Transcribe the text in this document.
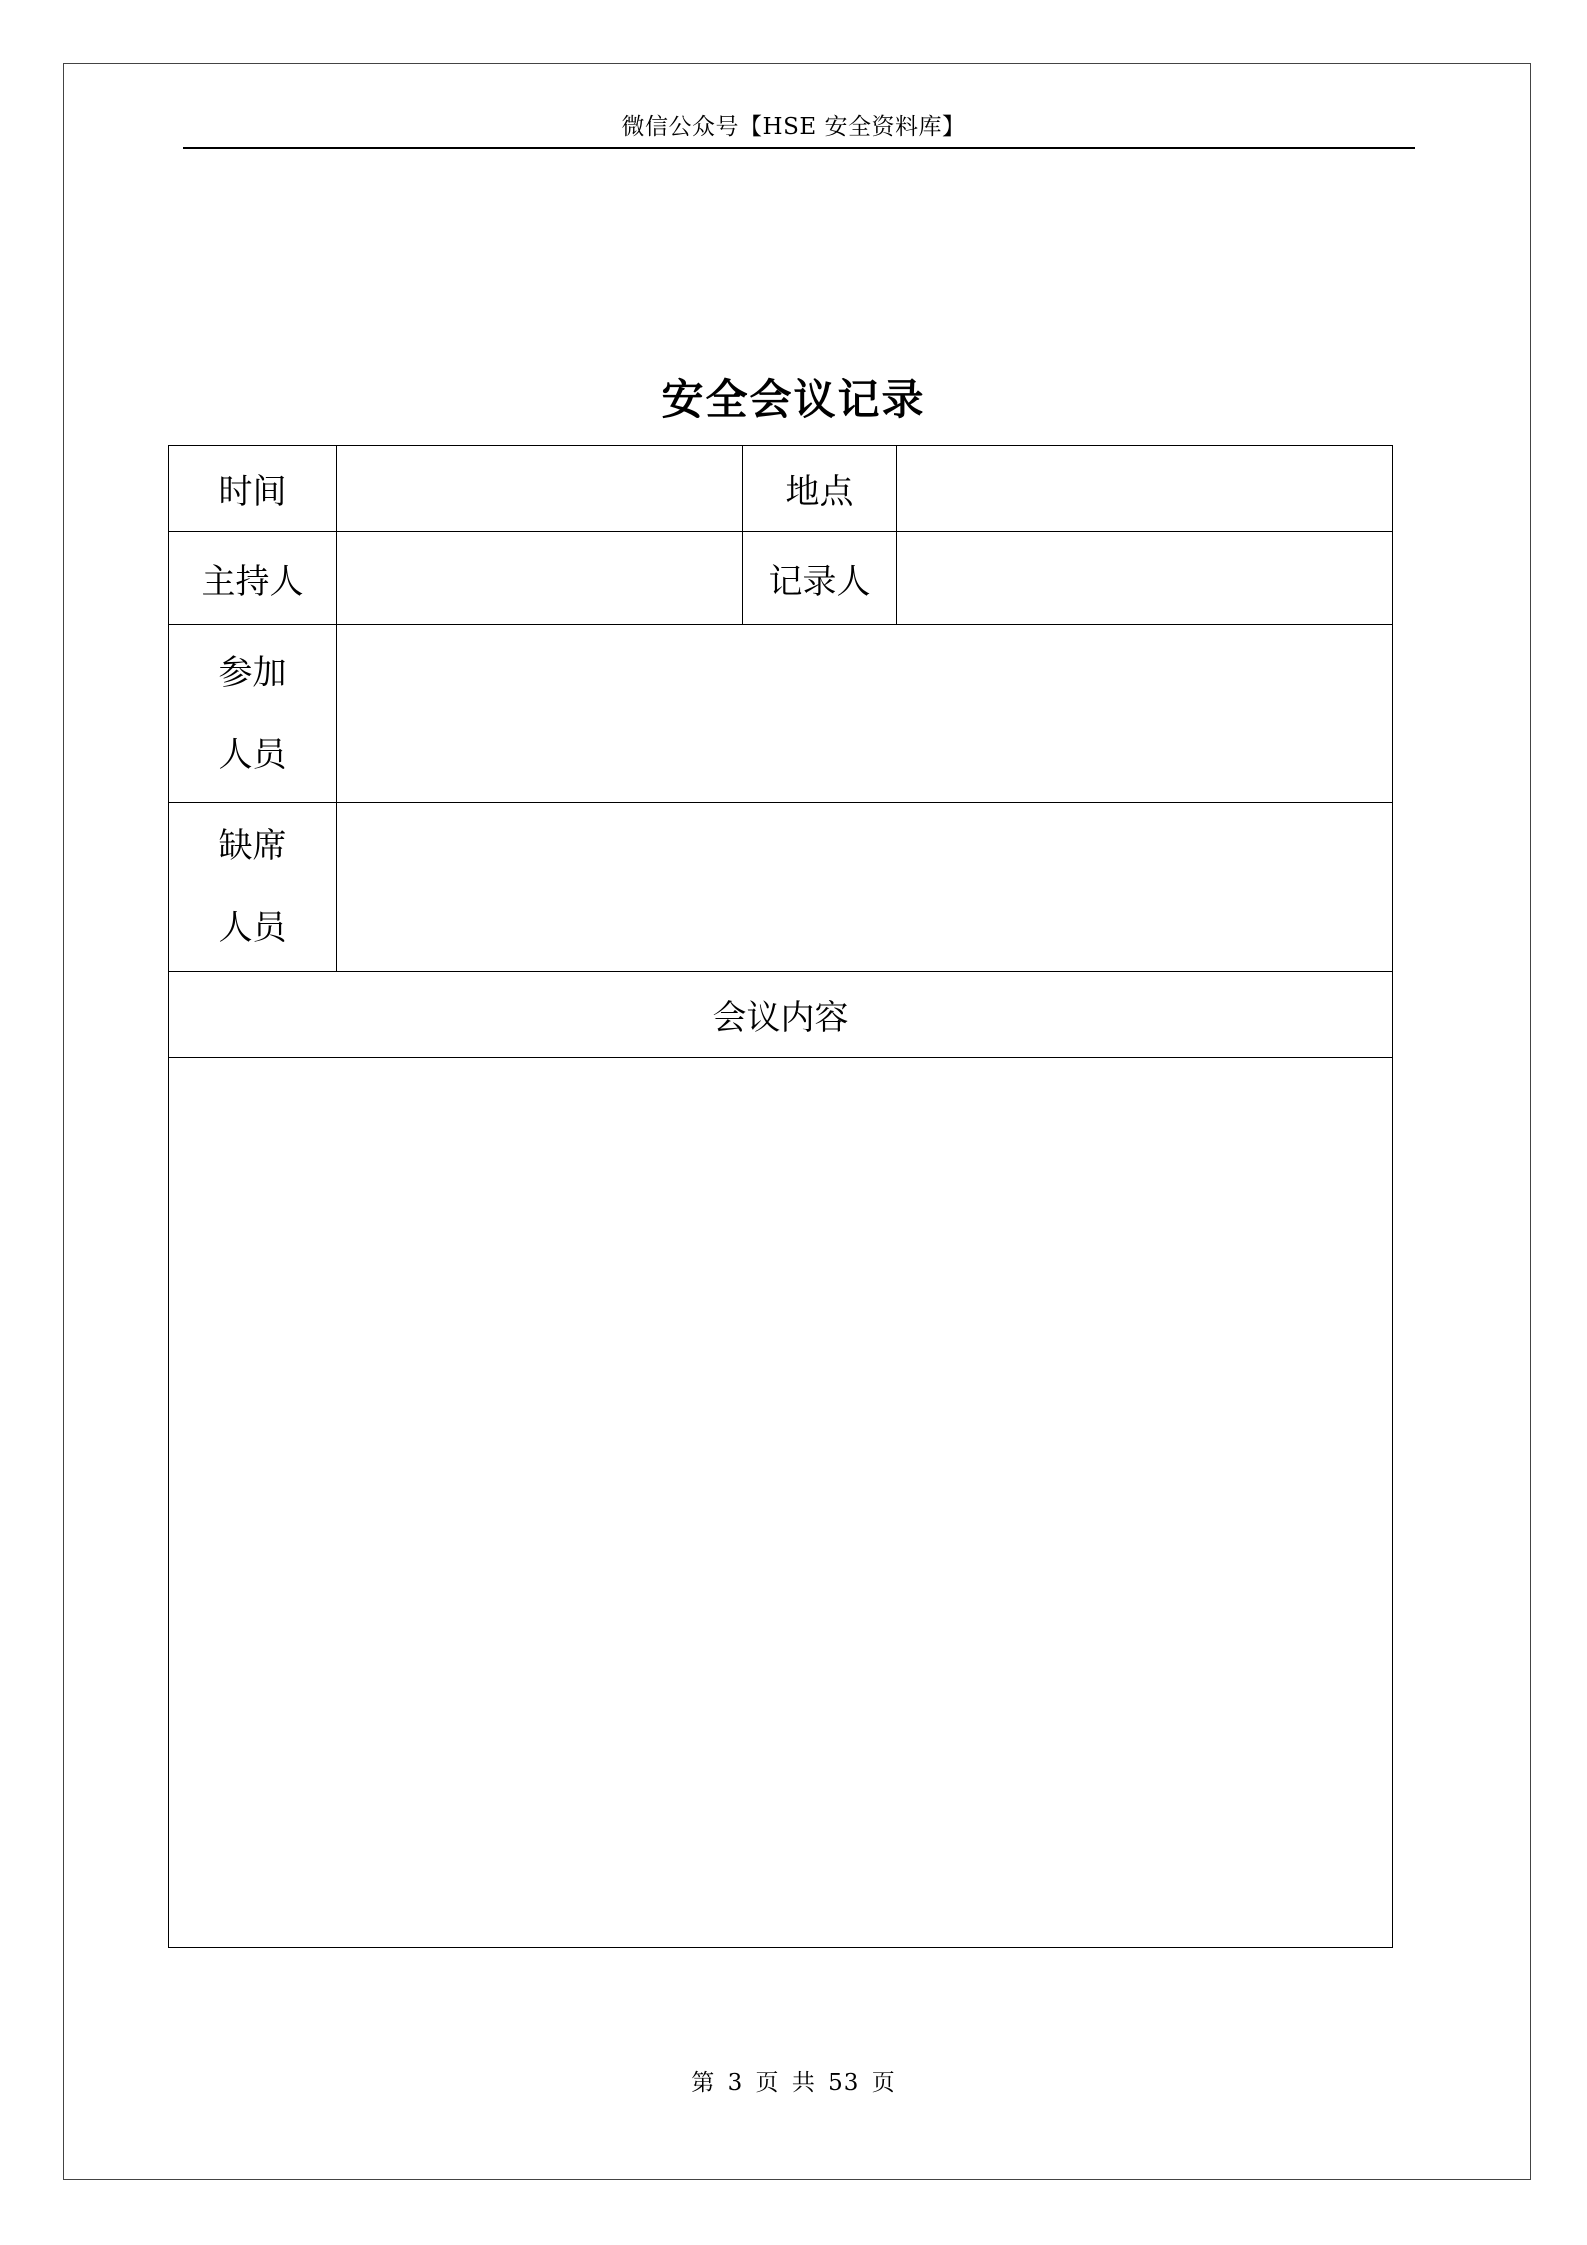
微信公众号【HSE 安全资料库】
安全会议记录
时间		地点	
主持人		记录人	

参加
人员			

缺席
人员			

会议内容			

第 3 页 共 53 页
